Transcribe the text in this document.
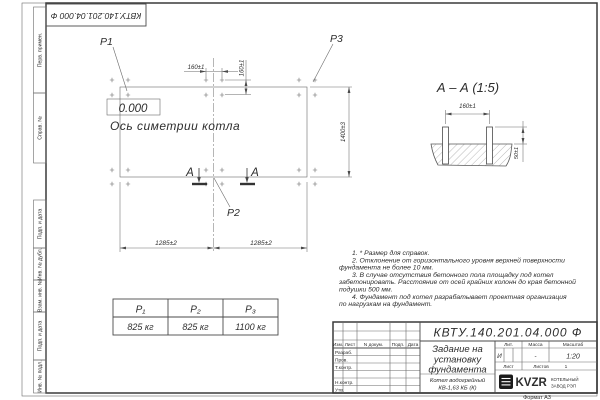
КВТУ.140.201.04.000 Ф
Перв. примен.
Справ. №
Подп. и дата
Инв. № дубл.
Взам. инв. №
Подп. и дата
Инв. № подл.
160±1	160±1
1285±2	1285±2
1400±3
0.000
Ось симетрии котла
P1	P3
P2
А	А
А – А (1:5)
160±1
50±1
1. * Размер для справок.
2. Отклонение от горизонтального уровня верхней поверхности
фундамента не более 10 мм.
3. В случае отсутствия бетонного пола площадку под котел
забетонировать. Расстояние от осей крайних колонн до края бетонной
подушки 500 мм.
4. Фундамент под котел разрабатывает проектная организация
по нагрузкам на фундамент.
P₁	P₂	P₃
825 кг	825 кг	1100 кг
Изм. Лист N докум. Подп. Дата
Разраб.
Пров.
Т.контр.
Н.контр.
Утв.
КВТУ.140.201.04.000 Ф
Задание на
установку
фундамента
Котел водогрейный
КВ-1,63 КБ (К)
Лит.	Масса	Масштаб
И	-	1:20
Лист	Листов	1
KVZR КОТЕЛЬНЫЙ
ЗАВОД РЭП
Формат А3
